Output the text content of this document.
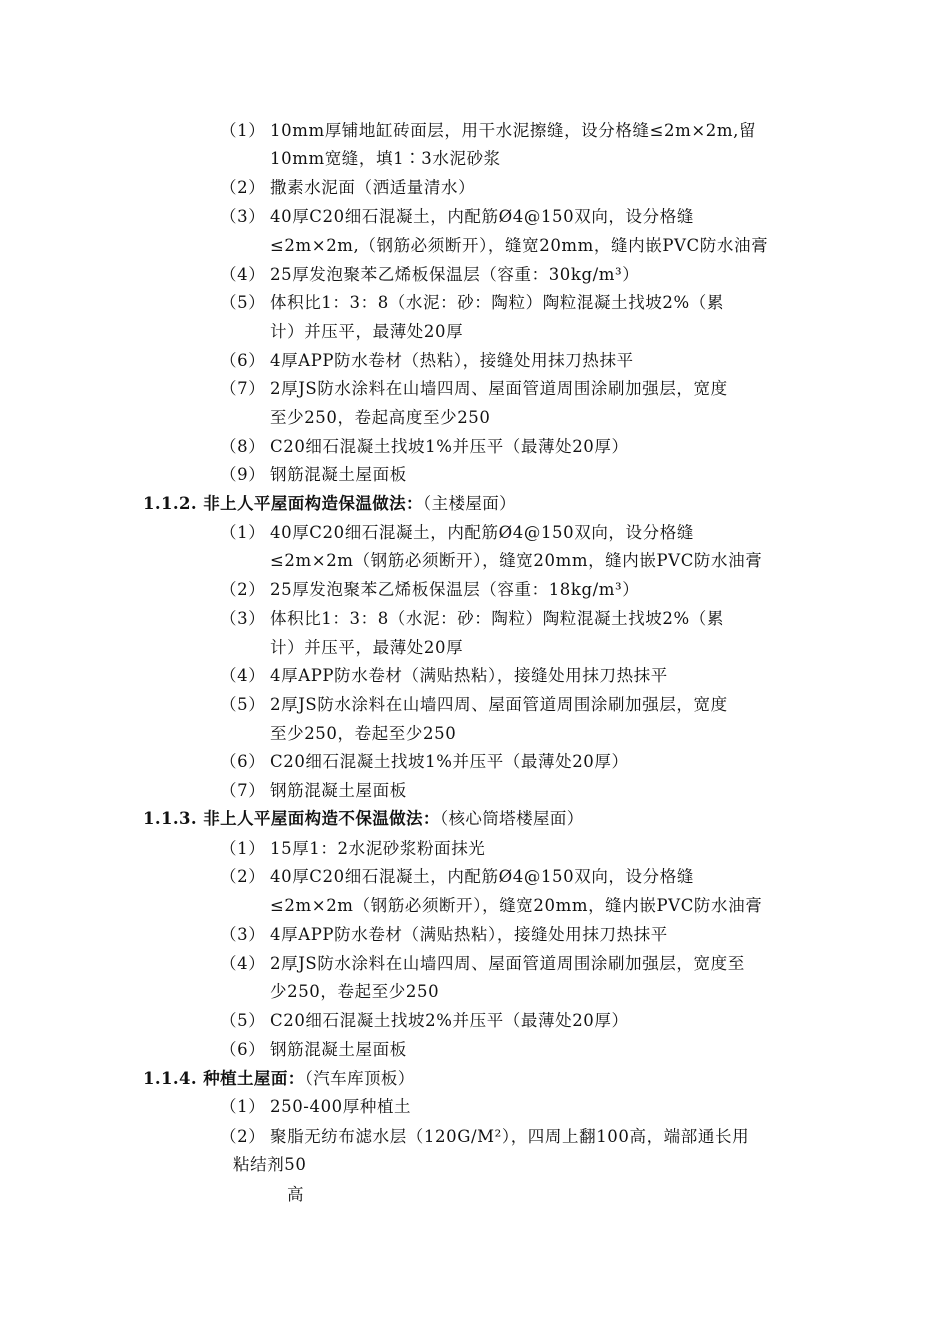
（1） 10mm厚铺地缸砖面层，用干水泥擦缝，设分格缝≤2m×2m,留
10mm宽缝，填1∶3水泥砂浆
（2） 撒素水泥面（洒适量清水）
（3） 40厚C20细石混凝土，内配筋Ø4@150双向，设分格缝
≤2m×2m,（钢筋必须断开），缝宽20mm，缝内嵌PVC防水油膏
（4） 25厚发泡聚苯乙烯板保温层（容重：30kg/m³）
（5） 体积比1：3：8（水泥：砂：陶粒）陶粒混凝土找坡2%（累
计）并压平，最薄处20厚
（6） 4厚APP防水卷材（热粘），接缝处用抹刀热抹平
（7） 2厚JS防水涂料在山墙四周、屋面管道周围涂刷加强层，宽度
至少250，卷起高度至少250
（8） C20细石混凝土找坡1%并压平（最薄处20厚）
（9） 钢筋混凝土屋面板
1.1.2. 非上人平屋面构造保温做法：（主楼屋面）
（1） 40厚C20细石混凝土，内配筋Ø4@150双向，设分格缝
≤2m×2m（钢筋必须断开），缝宽20mm，缝内嵌PVC防水油膏
（2） 25厚发泡聚苯乙烯板保温层（容重：18kg/m³）
（3） 体积比1：3：8（水泥：砂：陶粒）陶粒混凝土找坡2%（累
计）并压平，最薄处20厚
（4） 4厚APP防水卷材（满贴热粘），接缝处用抹刀热抹平
（5） 2厚JS防水涂料在山墙四周、屋面管道周围涂刷加强层，宽度
至少250，卷起至少250
（6） C20细石混凝土找坡1%并压平（最薄处20厚）
（7） 钢筋混凝土屋面板
1.1.3. 非上人平屋面构造不保温做法：（核心筒塔楼屋面）
（1） 15厚1：2水泥砂浆粉面抹光
（2） 40厚C20细石混凝土，内配筋Ø4@150双向，设分格缝
≤2m×2m（钢筋必须断开），缝宽20mm，缝内嵌PVC防水油膏
（3） 4厚APP防水卷材（满贴热粘），接缝处用抹刀热抹平
（4） 2厚JS防水涂料在山墙四周、屋面管道周围涂刷加强层，宽度至
少250，卷起至少250
（5） C20细石混凝土找坡2%并压平（最薄处20厚）
（6） 钢筋混凝土屋面板
1.1.4. 种植土屋面：（汽车库顶板）
（1） 250-400厚种植土
（2） 聚脂无纺布滤水层（120G/M²），四周上翻100高，端部通长用
粘结剂50
高
